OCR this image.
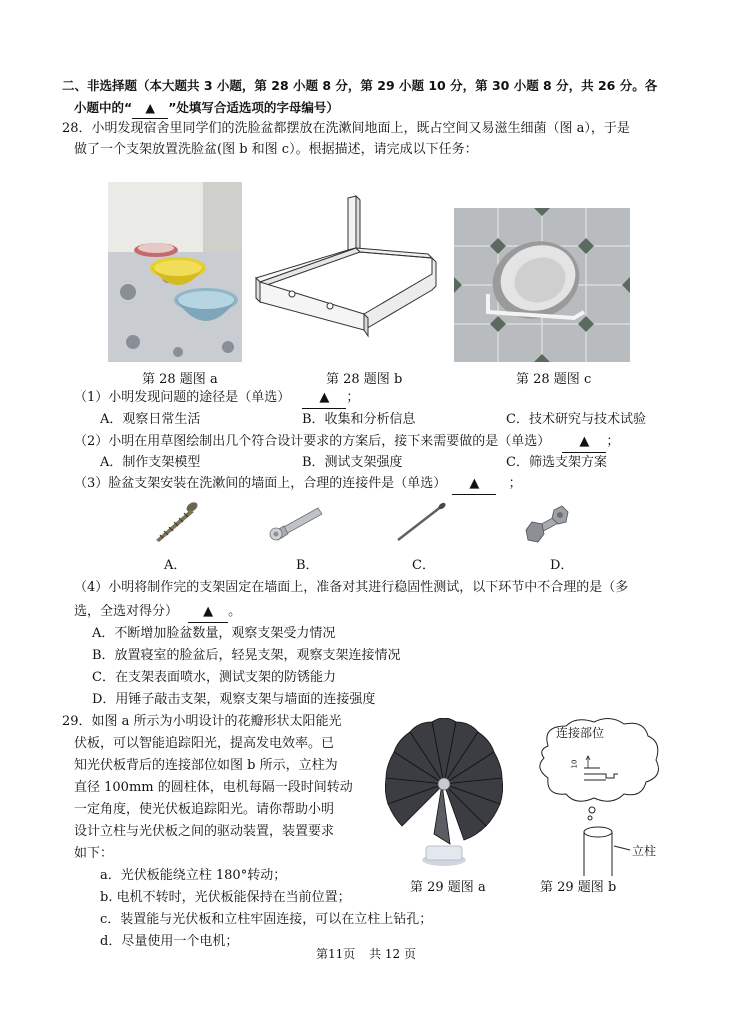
二、非选择题（本大题共 3 小题，第 28 小题 8 分，第 29 小题 10 分，第 30 小题 8 分，共 26 分。各
小题中的“ ▲ ”处填写合适选项的字母编号）
28．小明发现宿舍里同学们的洗脸盆都摆放在洗漱间地面上，既占空间又易滋生细菌（图 a），于是
做了一个支架放置洗脸盆(图 b 和图 c）。根据描述，请完成以下任务：
第 28 题图 a	第 28 题图 b	第 28 题图 c
（1）小明发现问题的途径是（单选） ▲ ；
A．观察日常生活	B．收集和分析信息	C．技术研究与技术试验
（2）小明在用草图绘制出几个符合设计要求的方案后，接下来需要做的是（单选） ▲ ；
A．制作支架模型	B．测试支架强度	C．筛选支架方案
（3）脸盆支架安装在洗漱间的墙面上，合理的连接件是（单选） ▲ ；
A．	B．	C．	D．
（4）小明将制作完的支架固定在墙面上，准备对其进行稳固性测试，以下环节中不合理的是（多
选，全选对得分） ▲ 。
A．不断增加脸盆数量，观察支架受力情况
B．放置寝室的脸盆后，轻晃支架，观察支架连接情况
C．在支架表面喷水，测试支架的防锈能力
D．用锤子敲击支架，观察支架与墙面的连接强度
29．如图 a 所示为小明设计的花瓣形状太阳能光
伏板，可以智能追踪阳光，提高发电效率。已
知光伏板背后的连接部位如图 b 所示，立柱为
直径 100mm 的圆柱体，电机每隔一段时间转动
一定角度，使光伏板追踪阳光。请你帮助小明
设计立柱与光伏板之间的驱动装置，装置要求
如下：
a．光伏板能绕立柱 180°转动；
b. 电机不转时，光伏板能保持在当前位置；
c．装置能与光伏板和立柱牢固连接，可以在立柱上钻孔；
d．尽量使用一个电机；
第 29 题图 a
连接部位
10
立柱
第 29 题图 b
第11页 共 12 页
